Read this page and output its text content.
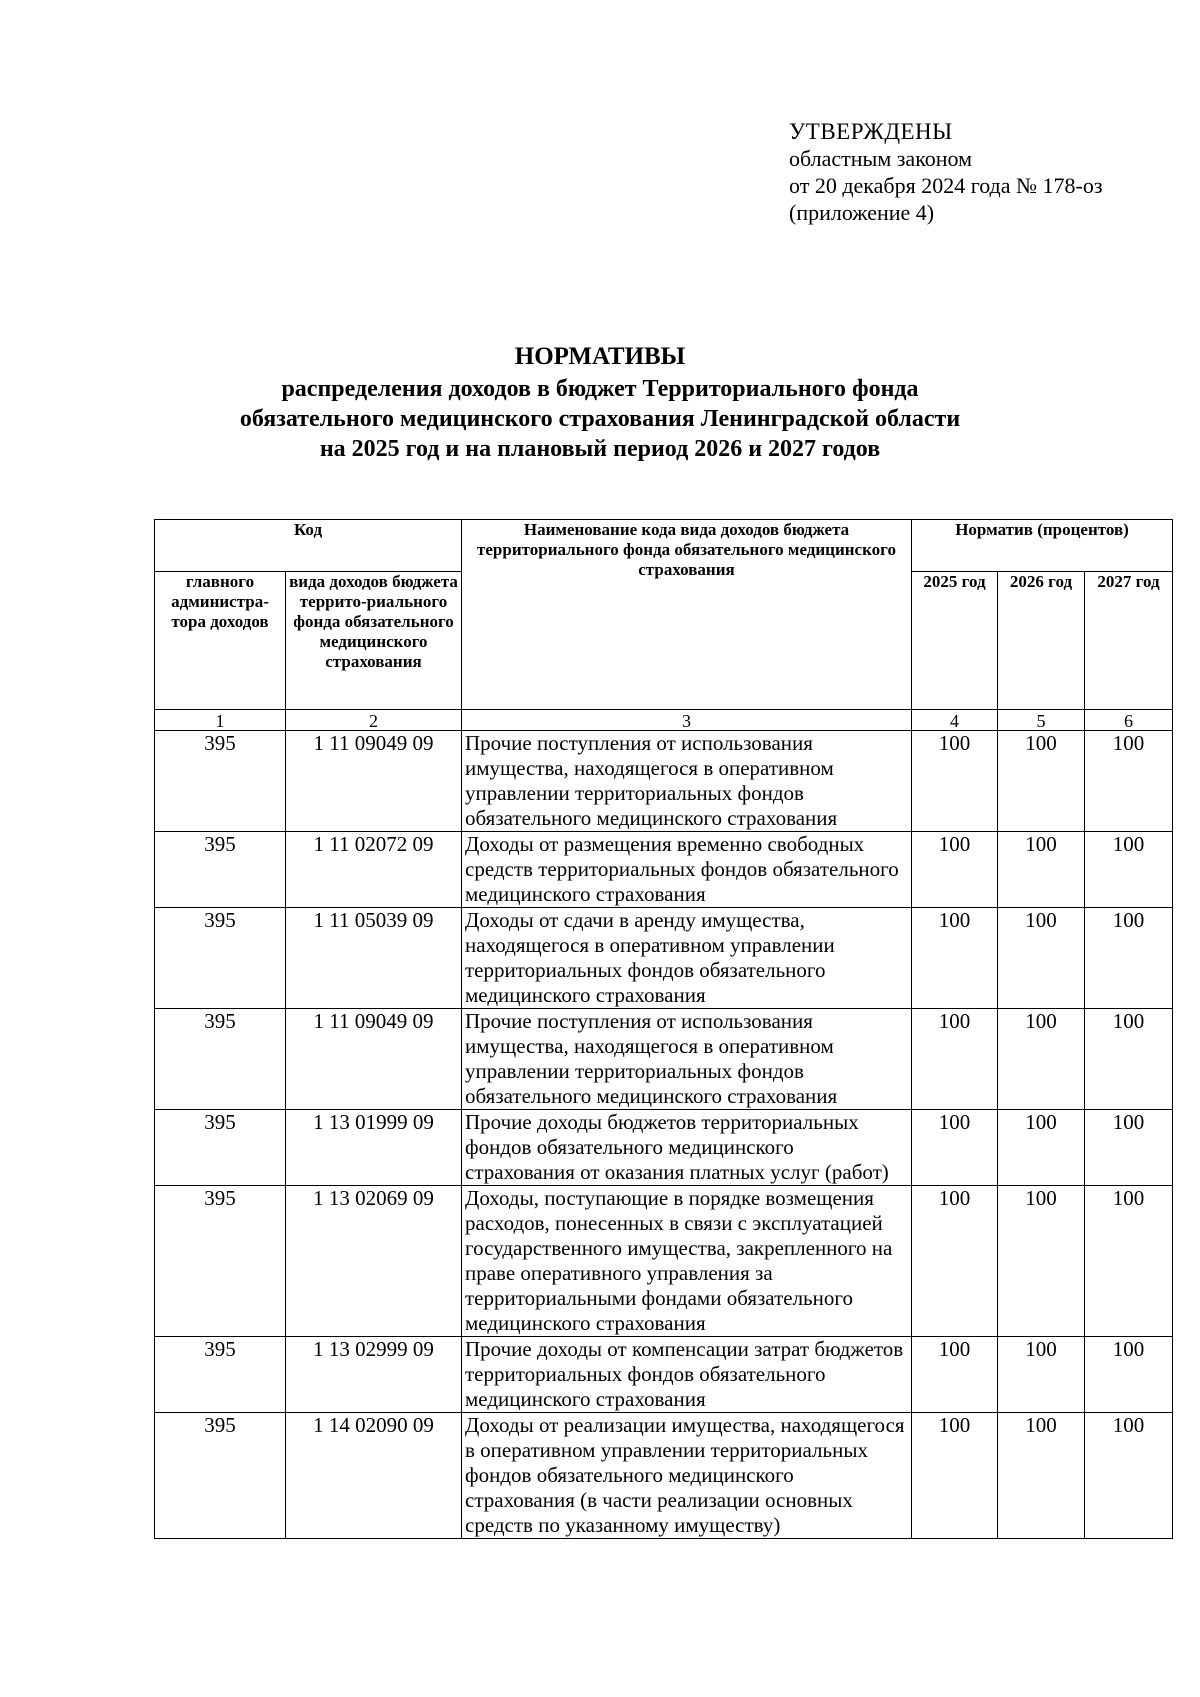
УТВЕРЖДЕНЫ
областным законом
от 20 декабря 2024 года № 178-оз
(приложение 4)
НОРМАТИВЫ
распределения доходов в бюджет Территориального фонда
обязательного медицинского страхования Ленинградской области
на 2025 год и на плановый период 2026 и 2027 годов
Код		Наименование кода вида доходов бюджета территориального фонда обязательного медицинского страхования	Норматив (процентов)		
главного администра-тора доходов	вида доходов бюджета террито-риального фонда обязательного медицинского страхования		2025 год	2026 год	2027 год
1	2	3	4	5	6
395	1 11 09049 09	Прочие поступления от использования имущества, находящегося в оперативном управлении территориальных фондов обязательного медицинского страхования	100	100	100
395	1 11 02072 09	Доходы от размещения временно свободных средств территориальных фондов обязательного медицинского страхования	100	100	100
395	1 11 05039 09	Доходы от сдачи в аренду имущества, находящегося в оперативном управлении территориальных фондов обязательного медицинского страхования	100	100	100
395	1 11 09049 09	Прочие поступления от использования имущества, находящегося в оперативном управлении территориальных фондов обязательного медицинского страхования	100	100	100
395	1 13 01999 09	Прочие доходы бюджетов территориальных фондов обязательного медицинского страхования от оказания платных услуг (работ)	100	100	100
395	1 13 02069 09	Доходы, поступающие в порядке возмещения расходов, понесенных в связи с эксплуатацией государственного имущества, закрепленного на праве оперативного управления за территориальными фондами обязательного медицинского страхования	100	100	100
395	1 13 02999 09	Прочие доходы от компенсации затрат бюджетов территориальных фондов обязательного медицинского страхования	100	100	100
395	1 14 02090 09	Доходы от реализации имущества, находящегося в оперативном управлении территориальных фондов обязательного медицинского страхования (в части реализации основных средств по указанному имуществу)	100	100	100
